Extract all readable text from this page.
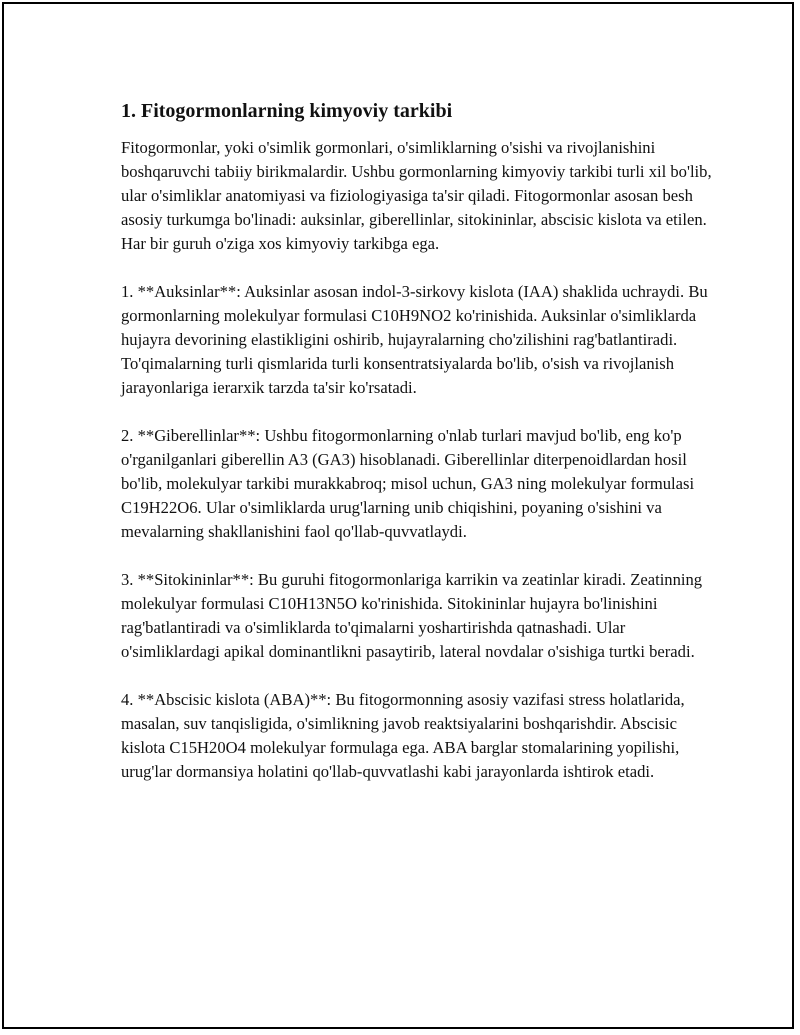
1. Fitogormonlarning kimyoviy tarkibi

Fitogormonlar, yoki o'simlik gormonlari, o'simliklarning o'sishi va rivojlanishini boshqaruvchi tabiiy birikmalardir. Ushbu gormonlarning kimyoviy tarkibi turli xil bo'lib, ular o'simliklar anatomiyasi va fiziologiyasiga ta'sir qiladi. Fitogormonlar asosan besh asosiy turkumga bo'linadi: auksinlar, giberellinlar, sitokininlar, abscisic kislota va etilen. Har bir guruh o'ziga xos kimyoviy tarkibga ega.

1. **Auksinlar**: Auksinlar asosan indol-3-sirkovy kislota (IAA) shaklida uchraydi. Bu gormonlarning molekulyar formulasi C10H9NO2 ko'rinishida. Auksinlar o'simliklarda hujayra devorining elastikligini oshirib, hujayralarning cho'zilishini rag'batlantiradi. To'qimalarning turli qismlarida turli konsentratsiyalarda bo'lib, o'sish va rivojlanish jarayonlariga ierarxik tarzda ta'sir ko'rsatadi.

2. **Giberellinlar**: Ushbu fitogormonlarning o'nlab turlari mavjud bo'lib, eng ko'p o'rganilganlari giberellin A3 (GA3) hisoblanadi. Giberellinlar diterpenoidlardan hosil bo'lib, molekulyar tarkibi murakkabroq; misol uchun, GA3 ning molekulyar formulasi C19H22O6. Ular o'simliklarda urug'larning unib chiqishini, poyaning o'sishini va mevalarning shakllanishini faol qo'llab-quvvatlaydi.

3. **Sitokininlar**: Bu guruhi fitogormonlariga karrikin va zeatinlar kiradi. Zeatinning molekulyar formulasi C10H13N5O ko'rinishida. Sitokininlar hujayra bo'linishini rag'batlantiradi va o'simliklarda to'qimalarni yoshartirishda qatnashadi. Ular o'simliklardagi apikal dominantlikni pasaytirib, lateral novdalar o'sishiga turtki beradi.

4. **Abscisic kislota (ABA)**: Bu fitogormonning asosiy vazifasi stress holatlarida, masalan, suv tanqisligida, o'simlikning javob reaktsiyalarini boshqarishdir. Abscisic kislota C15H20O4 molekulyar formulaga ega. ABA barglar stomalarining yopilishi, urug'lar dormansiya holatini qo'llab-quvvatlashi kabi jarayonlarda ishtirok etadi.
